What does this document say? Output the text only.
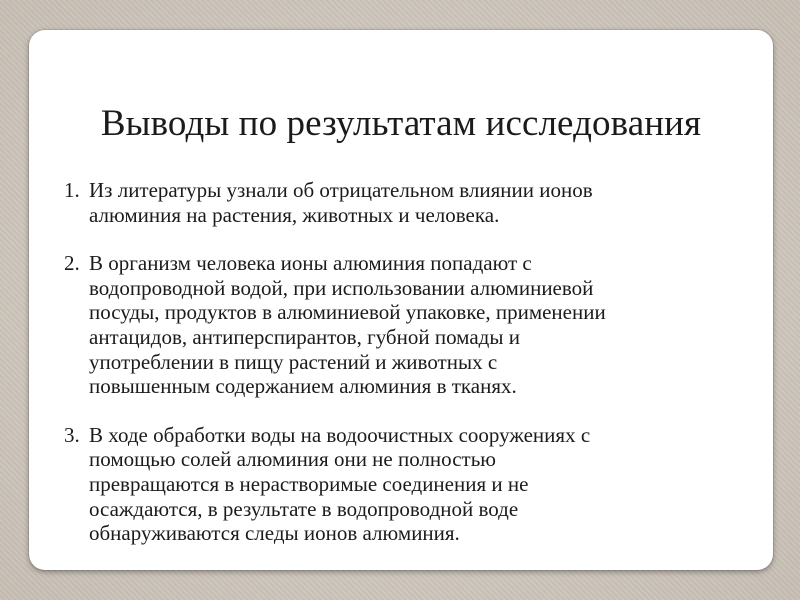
Выводы по результатам исследования
1. Из литературы узнали об отрицательном влиянии ионов
алюминия на растения, животных и человека.
2. В организм человека ионы алюминия попадают с
водопроводной водой, при использовании алюминиевой
посуды, продуктов в алюминиевой упаковке, применении
антацидов, антиперспирантов, губной помады и
употреблении в пищу растений и животных с
повышенным содержанием алюминия в тканях.
3. В ходе обработки воды на водоочистных сооружениях с
помощью солей алюминия они не полностью
превращаются в нерастворимые соединения и не
осаждаются, в результате в водопроводной воде
обнаруживаются следы ионов алюминия.
